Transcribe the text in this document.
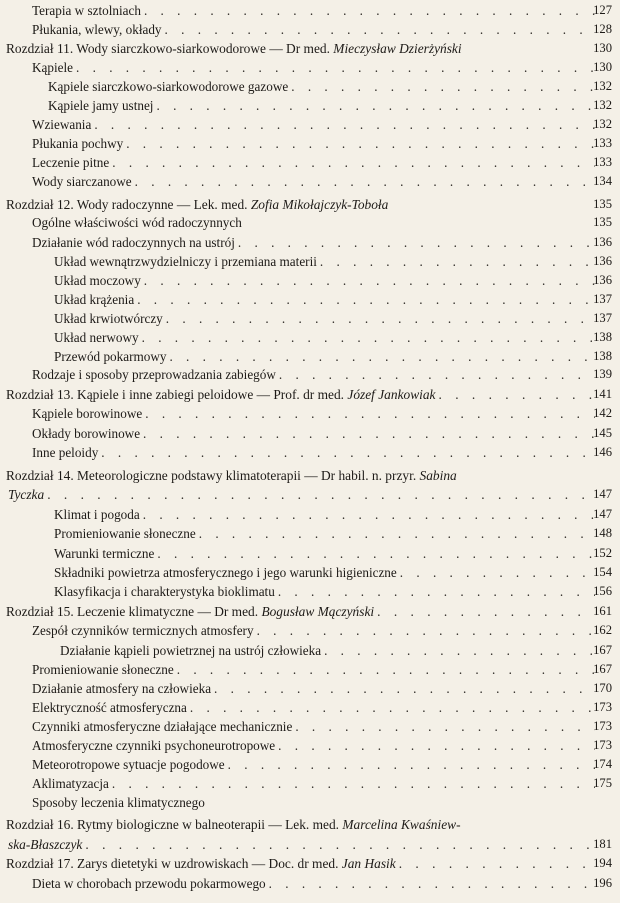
Terapia w sztolniach . . .	127
Płukania, wlewy, okłady . . .	128
Rozdział 11. Wody siarczkowo-siarkowodorowe — Dr med. Mieczysław Dzierżyński	130
Kąpiele . . .	130
Kąpiele siarczkowo-siarkowodorowe gazowe . . .	132
Kąpiele jamy ustnej . . .	132
Wziewania . . .	132
Płukania pochwy . . .	133
Leczenie pitne . . .	133
Wody siarczanowe . . .	134
Rozdział 12. Wody radoczynne — Lek. med. Zofia Mikołajczyk-Toboła	135
Ogólne właściwości wód radoczynnych	135
Działanie wód radoczynnych na ustrój . . .	136
Układ wewnątrzwydzielniczy i przemiana materii . . .	136
Układ moczowy . . .	136
Układ krążenia . . .	137
Układ krwiotwórczy . . .	137
Układ nerwowy . . .	138
Przewód pokarmowy . . .	138
Rodzaje i sposoby przeprowadzania zabiegów . . .	139
Rozdział 13. Kąpiele i inne zabiegi peloidowe — Prof. dr med. Józef Jankowiak . . .	141
Kąpiele borowinowe . . .	142
Okłady borowinowe . . .	145
Inne peloidy . . .	146
Rozdział 14. Meteorologiczne podstawy klimatoterapii — Dr habil. n. przyr. Sabina
Tyczka . . .	147
Klimat i pogoda . . .	147
Promieniowanie słoneczne . . .	148
Warunki termiczne . . .	152
Składniki powietrza atmosferycznego i jego warunki higieniczne . . .	154
Klasyfikacja i charakterystyka bioklimatu . . .	156
Rozdział 15. Leczenie klimatyczne — Dr med. Bogusław Mączyński . . .	161
Zespół czynników termicznych atmosfery . . .	162
Działanie kąpieli powietrznej na ustrój człowieka . . .	167
Promieniowanie słoneczne . . .	167
Działanie atmosfery na człowieka . . .	170
Elektryczność atmosferyczna . . .	173
Czynniki atmosferyczne działające mechanicznie . . .	173
Atmosferyczne czynniki psychoneurotropowe . . .	173
Meteorotropowe sytuacje pogodowe . . .	174
Aklimatyzacja . . .	175
Sposoby leczenia klimatycznego
Rozdział 16. Rytmy biologiczne w balneoterapii — Lek. med. Marcelina Kwaśniew-
ska-Błaszczyk . . .	181
Rozdział 17. Zarys dietetyki w uzdrowiskach — Doc. dr med. Jan Hasik . . .	194
Dieta w chorobach przewodu pokarmowego . . .	196
